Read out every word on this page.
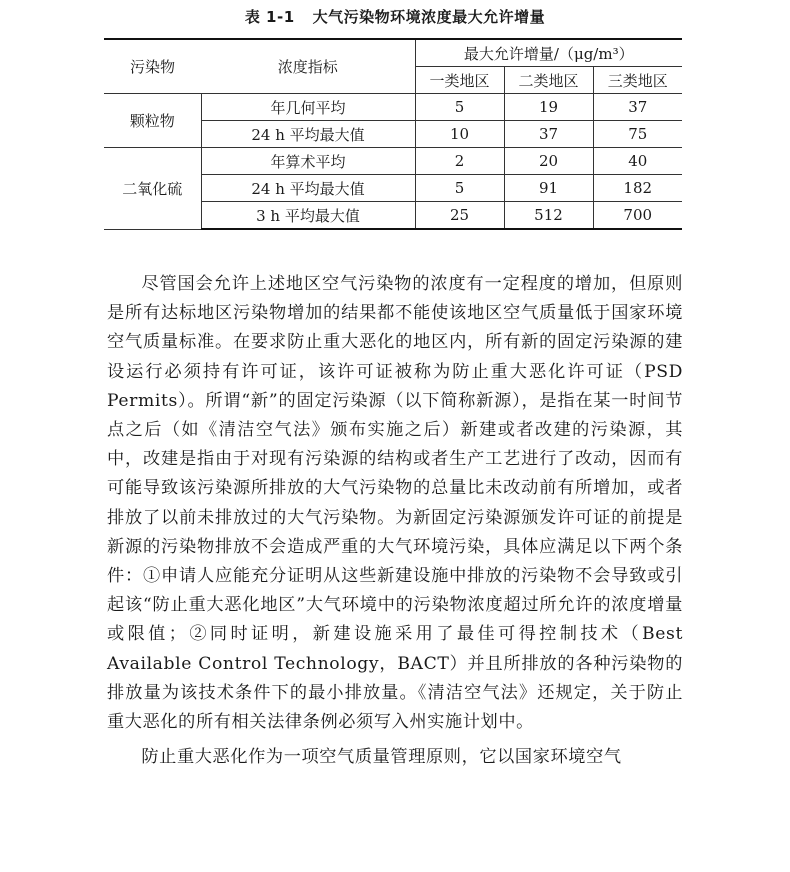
表 1-1 大气污染物环境浓度最大允许增量
污染物	浓度指标	最大允许增量/（μg/m³）		
		一类地区	二类地区	三类地区
颗粒物	年几何平均	5	19	37
	24 h 平均最大值	10	37	75
二氧化硫	年算术平均	2	20	40
	24 h 平均最大值	5	91	182
	3 h 平均最大值	25	512	700

尽管国会允许上述地区空气污染物的浓度有一定程度的增加，但原则是所有达标地区污染物增加的结果都不能使该地区空气质量低于国家环境空气质量标准。在要求防止重大恶化的地区内，所有新的固定污染源的建设运行必须持有许可证，该许可证被称为防止重大恶化许可证（PSD Permits）。所谓“新”的固定污染源（以下简称新源），是指在某一时间节点之后（如《清洁空气法》颁布实施之后）新建或者改建的污染源，其中，改建是指由于对现有污染源的结构或者生产工艺进行了改动，因而有可能导致该污染源所排放的大气污染物的总量比未改动前有所增加，或者排放了以前未排放过的大气污染物。为新固定污染源颁发许可证的前提是新源的污染物排放不会造成严重的大气环境污染，具体应满足以下两个条件：①申请人应能充分证明从这些新建设施中排放的污染物不会导致或引起该“防止重大恶化地区”大气环境中的污染物浓度超过所允许的浓度增量或限值；②同时证明，新建设施采用了最佳可得控制技术（Best Available Control Technology，BACT）并且所排放的各种污染物的排放量为该技术条件下的最小排放量。《清洁空气法》还规定，关于防止重大恶化的所有相关法律条例必须写入州实施计划中。

防止重大恶化作为一项空气质量管理原则，它以国家环境空气
